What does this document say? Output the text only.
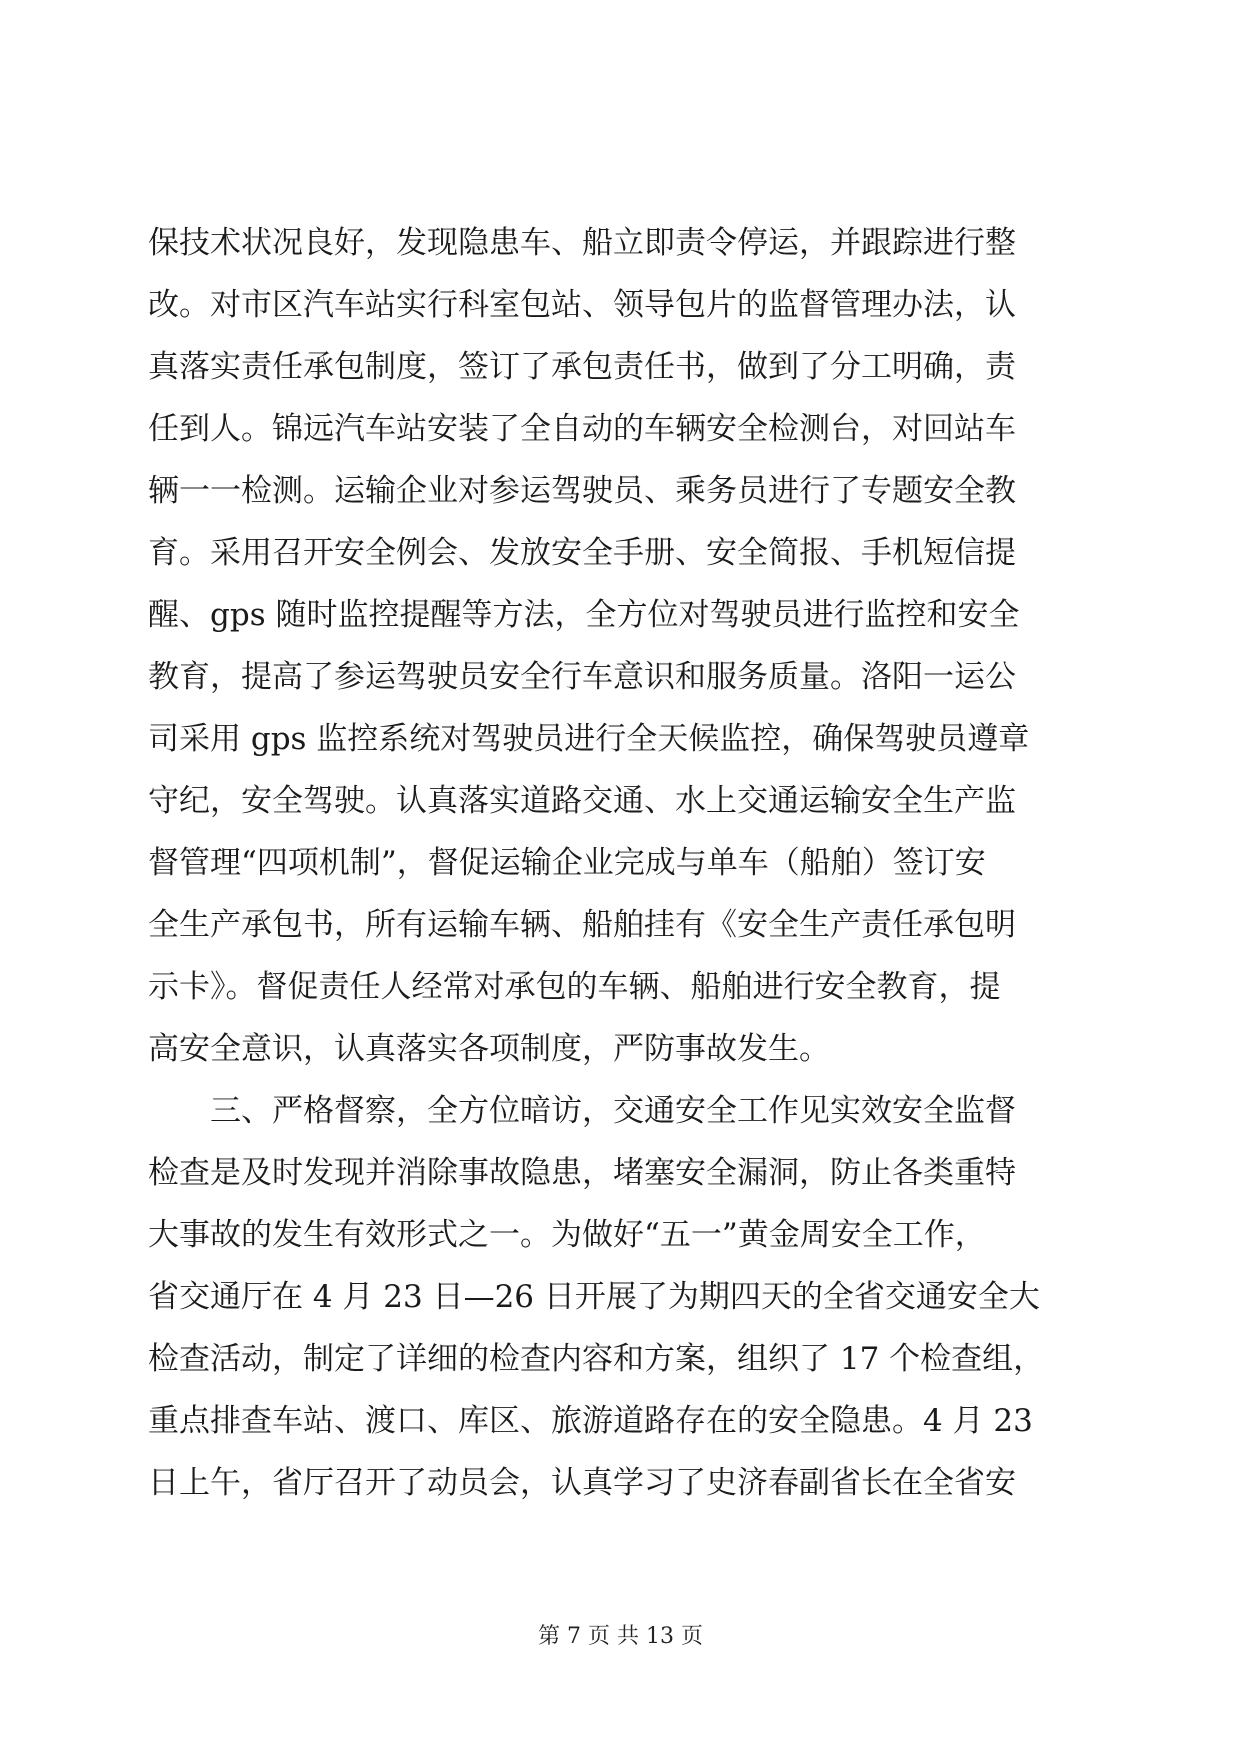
保技术状况良好，发现隐患车、船立即责令停运，并跟踪进行整
改。对市区汽车站实行科室包站、领导包片的监督管理办法，认
真落实责任承包制度，签订了承包责任书，做到了分工明确，责
任到人。锦远汽车站安装了全自动的车辆安全检测台，对回站车
辆一一检测。运输企业对参运驾驶员、乘务员进行了专题安全教
育。采用召开安全例会、发放安全手册、安全简报、手机短信提
醒、gps 随时监控提醒等方法，全方位对驾驶员进行监控和安全
教育，提高了参运驾驶员安全行车意识和服务质量。洛阳一运公
司采用 gps 监控系统对驾驶员进行全天候监控，确保驾驶员遵章
守纪，安全驾驶。认真落实道路交通、水上交通运输安全生产监
督管理“四项机制”，督促运输企业完成与单车（船舶）签订安
全生产承包书，所有运输车辆、船舶挂有《安全生产责任承包明
示卡》。督促责任人经常对承包的车辆、船舶进行安全教育，提
高安全意识，认真落实各项制度，严防事故发生。
三、严格督察，全方位暗访，交通安全工作见实效安全监督
检查是及时发现并消除事故隐患，堵塞安全漏洞，防止各类重特
大事故的发生有效形式之一。为做好“五一”黄金周安全工作，
省交通厅在 4 月 23 日—26 日开展了为期四天的全省交通安全大
检查活动，制定了详细的检查内容和方案，组织了 17 个检查组，
重点排查车站、渡口、库区、旅游道路存在的安全隐患。4 月 23
日上午，省厅召开了动员会，认真学习了史济春副省长在全省安
第 7 页 共 13 页
